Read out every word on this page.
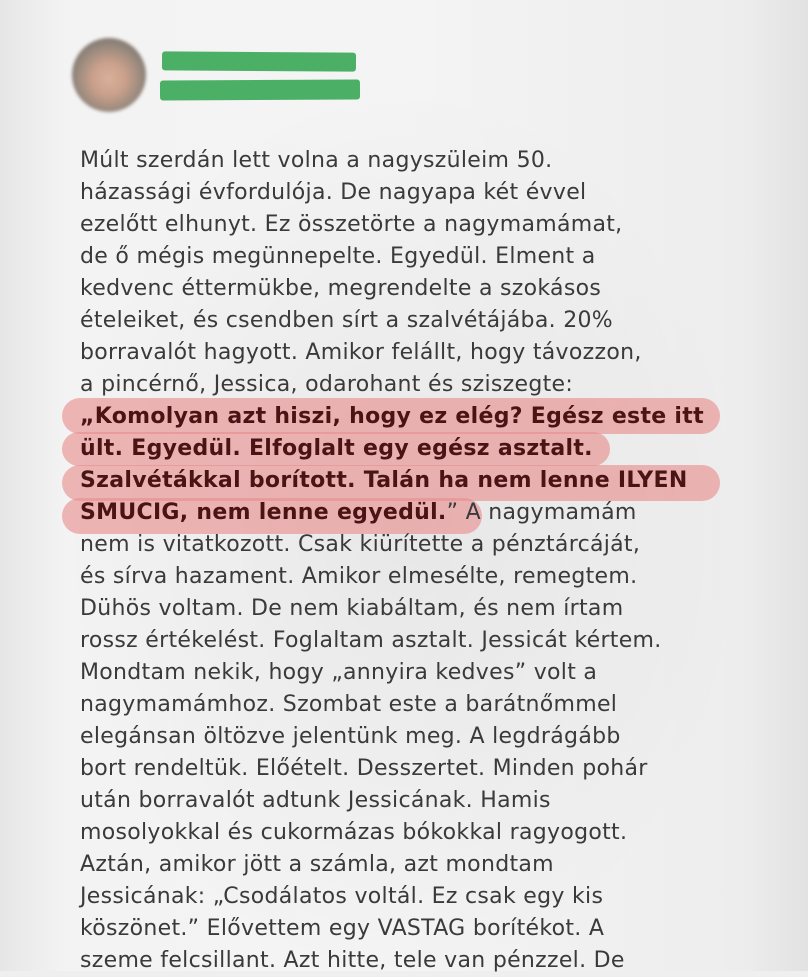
Múlt szerdán lett volna a nagyszüleim 50.
házassági évfordulója. De nagyapa két évvel
ezelőtt elhunyt. Ez összetörte a nagymamámat,
de ő mégis megünnepelte. Egyedül. Elment a
kedvenc éttermükbe, megrendelte a szokásos
ételeiket, és csendben sírt a szalvétájába. 20%
borravalót hagyott. Amikor felállt, hogy távozzon,
a pincérnő, Jessica, odarohant és sziszegte:
„Komolyan azt hiszi, hogy ez elég? Egész este itt
ült. Egyedül. Elfoglalt egy egész asztalt.
Szalvétákkal borított. Talán ha nem lenne ILYEN
SMUCIG, nem lenne egyedül.” A nagymamám
nem is vitatkozott. Csak kiürítette a pénztárcáját,
és sírva hazament. Amikor elmesélte, remegtem.
Dühös voltam. De nem kiabáltam, és nem írtam
rossz értékelést. Foglaltam asztalt. Jessicát kértem.
Mondtam nekik, hogy „annyira kedves” volt a
nagymamámhoz. Szombat este a barátnőmmel
elegánsan öltözve jelentünk meg. A legdrágább
bort rendeltük. Előételt. Desszertet. Minden pohár
után borravalót adtunk Jessicának. Hamis
mosolyokkal és cukormázas bókokkal ragyogott.
Aztán, amikor jött a számla, azt mondtam
Jessicának: „Csodálatos voltál. Ez csak egy kis
köszönet.” Elővettem egy VASTAG borítékot. A
szeme felcsillant. Azt hitte, tele van pénzzel. De
